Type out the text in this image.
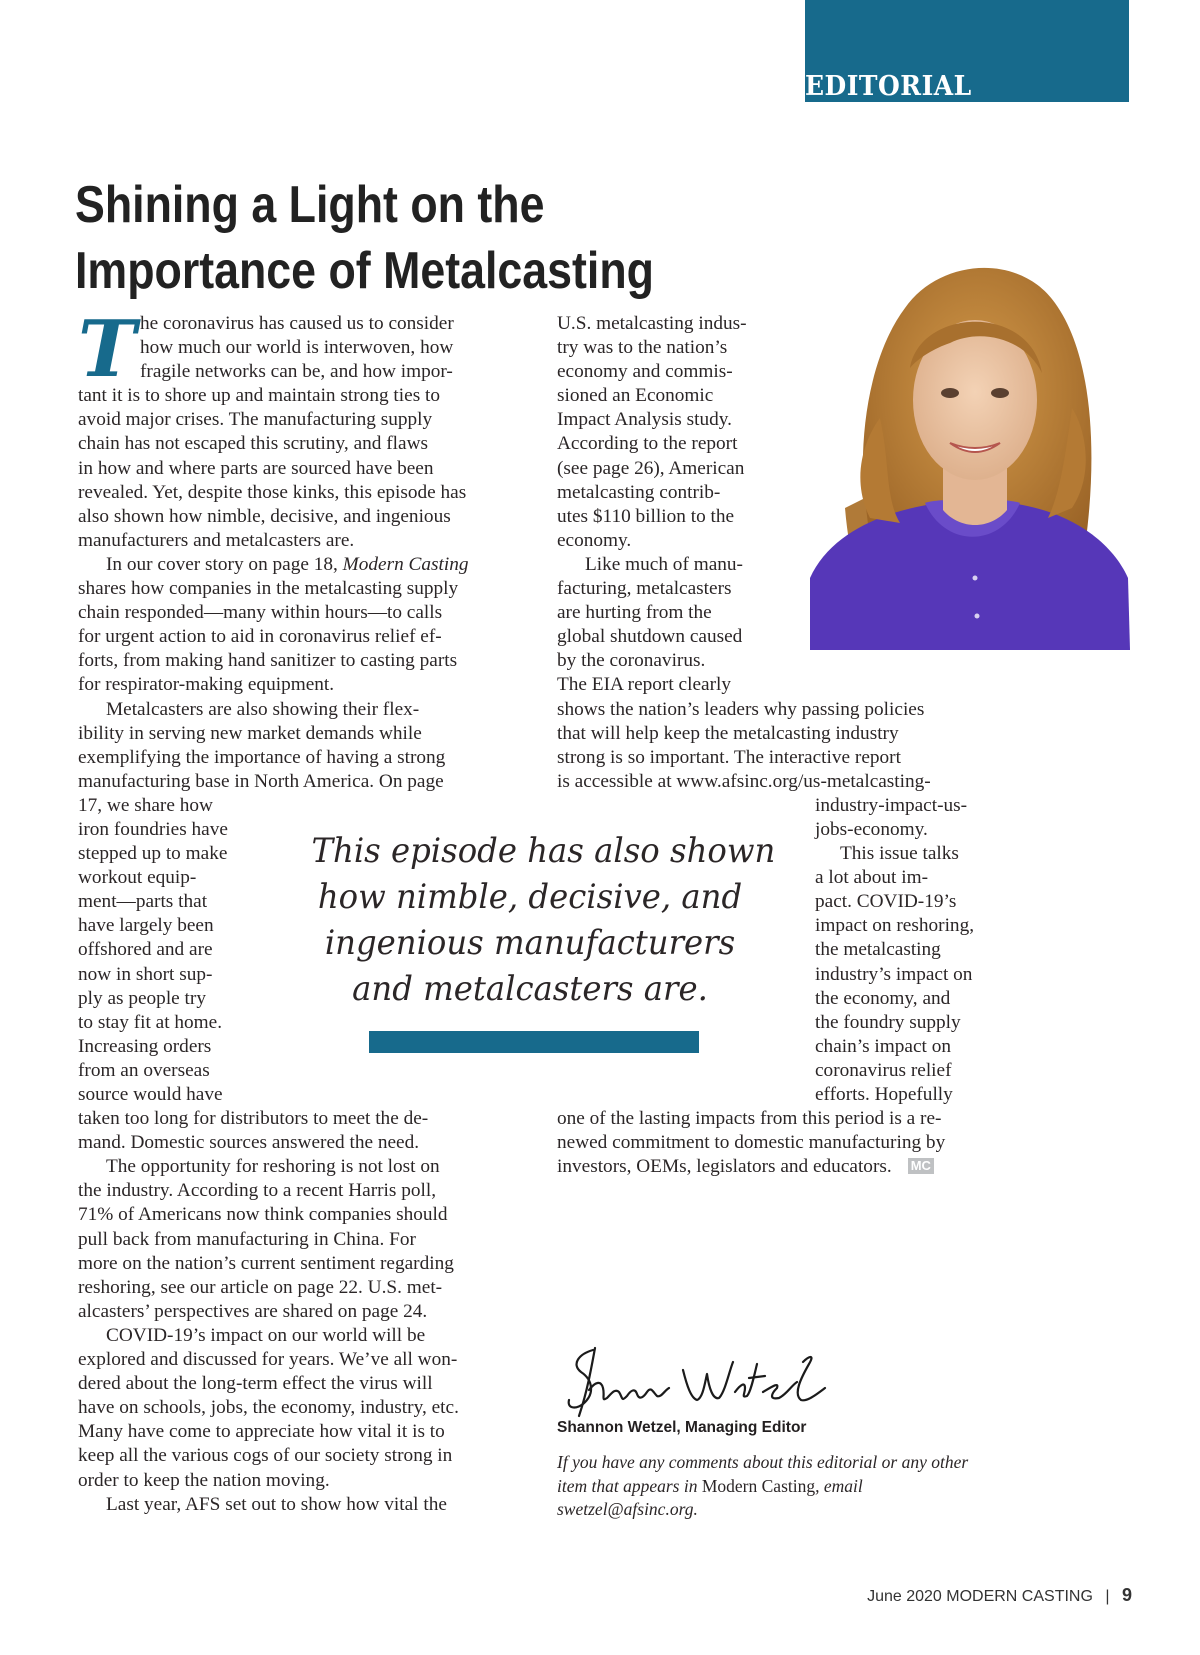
EDITORIAL
Shining a Light on the
Importance of Metalcasting
T he coronavirus has caused us to consider
how much our world is interwoven, how
fragile networks can be, and how impor-
tant it is to shore up and maintain strong ties to
avoid major crises. The manufacturing supply
chain has not escaped this scrutiny, and flaws
in how and where parts are sourced have been
revealed. Yet, despite those kinks, this episode has
also shown how nimble, decisive, and ingenious
manufacturers and metalcasters are.
In our cover story on page 18, Modern Casting
shares how companies in the metalcasting supply
chain responded—many within hours—to calls
for urgent action to aid in coronavirus relief ef-
forts, from making hand sanitizer to casting parts
for respirator-making equipment.
Metalcasters are also showing their flex-
ibility in serving new market demands while
exemplifying the importance of having a strong
manufacturing base in North America. On page
17, we share how
iron foundries have
stepped up to make
workout equip-
ment—parts that
have largely been
offshored and are
now in short sup-
ply as people try
to stay fit at home.
Increasing orders
from an overseas
source would have
taken too long for distributors to meet the de-
mand. Domestic sources answered the need.
The opportunity for reshoring is not lost on
the industry. According to a recent Harris poll,
71% of Americans now think companies should
pull back from manufacturing in China. For
more on the nation’s current sentiment regarding
reshoring, see our article on page 22. U.S. met-
alcasters’ perspectives are shared on page 24.
COVID-19’s impact on our world will be
explored and discussed for years. We’ve all won-
dered about the long-term effect the virus will
have on schools, jobs, the economy, industry, etc.
Many have come to appreciate how vital it is to
keep all the various cogs of our society strong in
order to keep the nation moving.
Last year, AFS set out to show how vital the
U.S. metalcasting indus-
try was to the nation’s
economy and commis-
sioned an Economic
Impact Analysis study.
According to the report
(see page 26), American
metalcasting contrib-
utes $110 billion to the
economy.
Like much of manu-
facturing, metalcasters
are hurting from the
global shutdown caused
by the coronavirus.
The EIA report clearly
shows the nation’s leaders why passing policies
that will help keep the metalcasting industry
strong is so important. The interactive report
is accessible at www.afsinc.org/us-metalcasting-
industry-impact-us-
jobs-economy.
This issue talks
a lot about im-
pact. COVID-19’s
impact on reshoring,
the metalcasting
industry’s impact on
the economy, and
the foundry supply
chain’s impact on
coronavirus relief
efforts. Hopefully
one of the lasting impacts from this period is a re-
newed commitment to domestic manufacturing by
investors, OEMs, legislators and educators. MC
This episode has also shown
how nimble, decisive, and
ingenious manufacturers
and metalcasters are.
Shannon Wetzel, Managing Editor
If you have any comments about this editorial or any other
item that appears in Modern Casting, email
swetzel@afsinc.org.
June 2020 MODERN CASTING | 9
